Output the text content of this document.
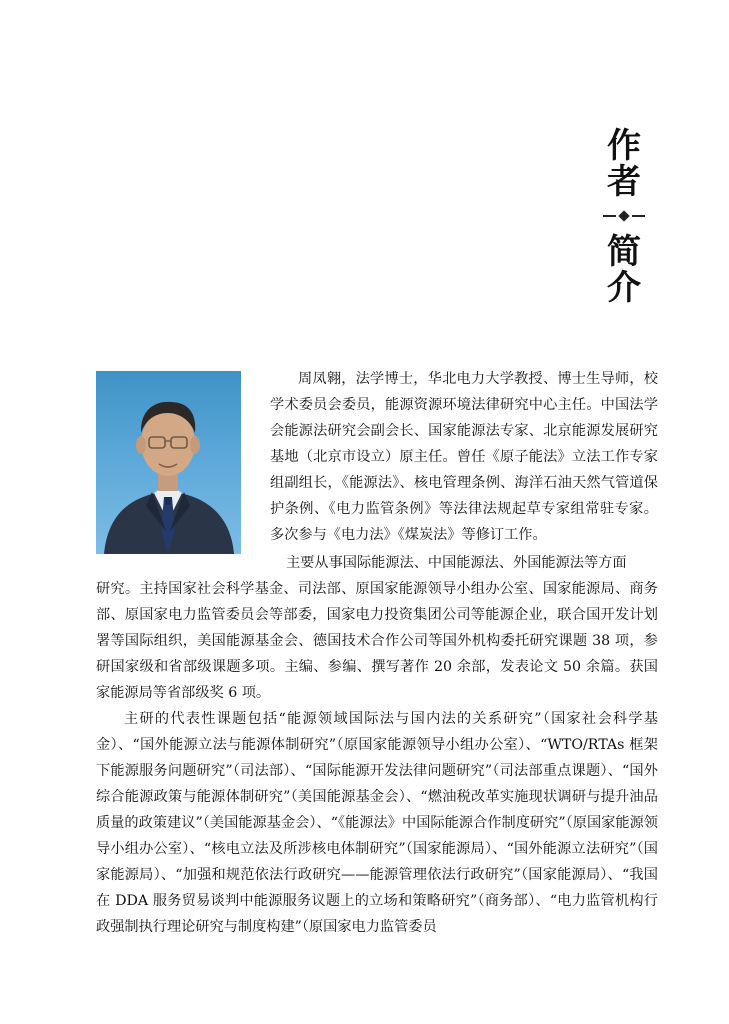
作
者
简
介

周凤翱，法学博士，华北电力大学教授、博士生导师，校学术委员会委员，能源资源环境法律研究中心主任。中国法学会能源法研究会副会长、国家能源法专家、北京能源发展研究基地（北京市设立）原主任。曾任《原子能法》立法工作专家组副组长，《能源法》、核电管理条例、海洋石油天然气管道保护条例、《电力监管条例》等法律法规起草专家组常驻专家。多次参与《电力法》《煤炭法》等修订工作。

主要从事国际能源法、中国能源法、外国能源法等方面
研究。主持国家社会科学基金、司法部、原国家能源领导小组办公室、国家能源局、商务部、原国家电力监管委员会等部委，国家电力投资集团公司等能源企业，联合国开发计划署等国际组织，美国能源基金会、德国技术合作公司等国外机构委托研究课题 38 项，参研国家级和省部级课题多项。主编、参编、撰写著作 20 余部，发表论文 50 余篇。获国家能源局等省部级奖 6 项。

主研的代表性课题包括“能源领域国际法与国内法的关系研究”（国家社会科学基金）、“国外能源立法与能源体制研究”（原国家能源领导小组办公室）、“WTO/RTAs 框架下能源服务问题研究”（司法部）、“国际能源开发法律问题研究”（司法部重点课题）、“国外综合能源政策与能源体制研究”（美国能源基金会）、“燃油税改革实施现状调研与提升油品质量的政策建议”（美国能源基金会）、“《能源法》中国际能源合作制度研究”（原国家能源领导小组办公室）、“核电立法及所涉核电体制研究”（国家能源局）、“国外能源立法研究”（国家能源局）、“加强和规范依法行政研究——能源管理依法行政研究”（国家能源局）、“我国在 DDA 服务贸易谈判中能源服务议题上的立场和策略研究”（商务部）、“电力监管机构行政强制执行理论研究与制度构建”（原国家电力监管委员
